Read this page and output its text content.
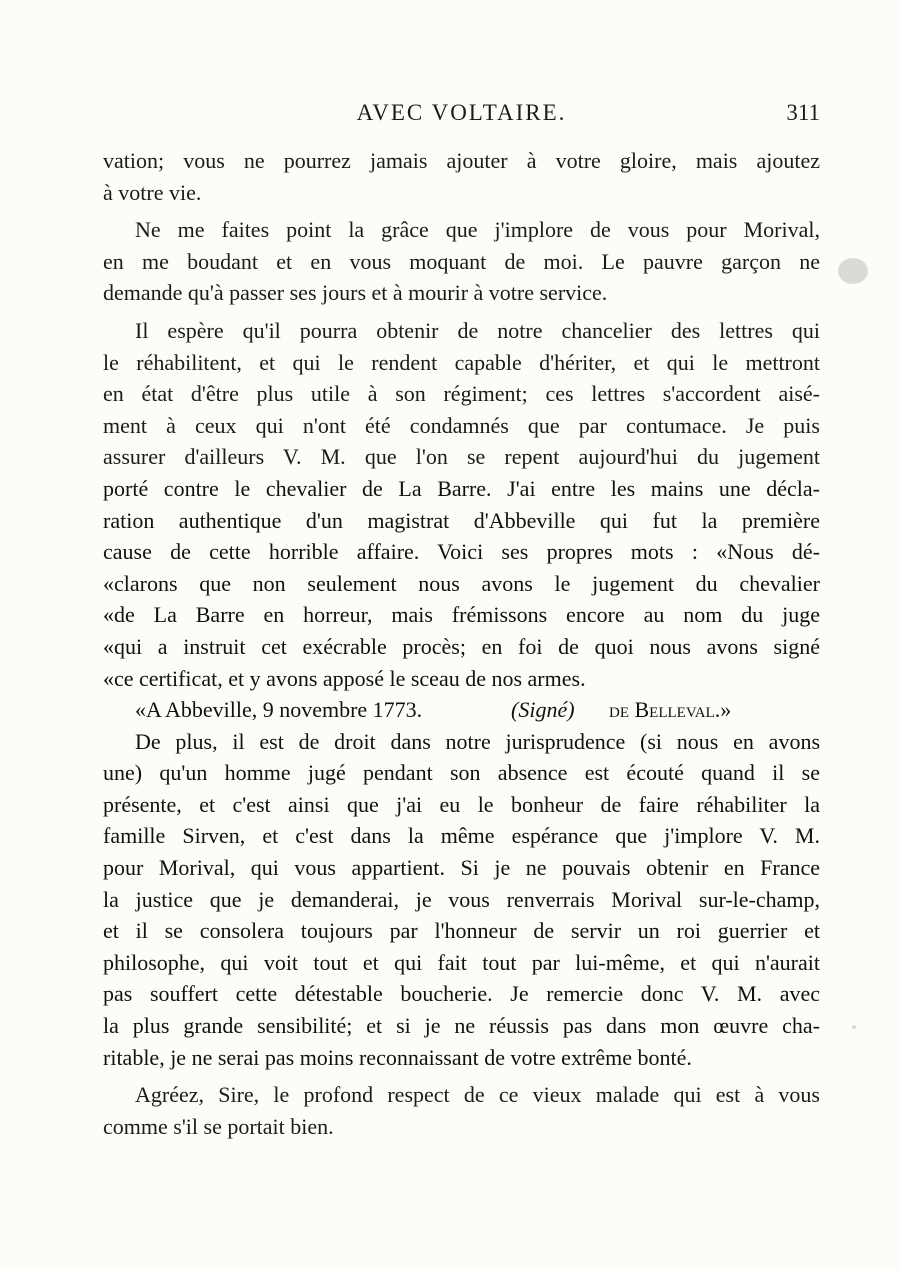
AVEC VOLTAIRE.	311
vation; vous ne pourrez jamais ajouter à votre gloire, mais ajoutez
à votre vie.
Ne me faites point la grâce que j'implore de vous pour Morival,
en me boudant et en vous moquant de moi. Le pauvre garçon ne
demande qu'à passer ses jours et à mourir à votre service.
Il espère qu'il pourra obtenir de notre chancelier des lettres qui
le réhabilitent, et qui le rendent capable d'hériter, et qui le mettront
en état d'être plus utile à son régiment; ces lettres s'accordent aisé-
ment à ceux qui n'ont été condamnés que par contumace. Je puis
assurer d'ailleurs V. M. que l'on se repent aujourd'hui du jugement
porté contre le chevalier de La Barre. J'ai entre les mains une décla-
ration authentique d'un magistrat d'Abbeville qui fut la première
cause de cette horrible affaire. Voici ses propres mots : «Nous dé-
«clarons que non seulement nous avons le jugement du chevalier
«de La Barre en horreur, mais frémissons encore au nom du juge
«qui a instruit cet exécrable procès; en foi de quoi nous avons signé
«ce certificat, et y avons apposé le sceau de nos armes.
«A Abbeville, 9 novembre 1773.	(Signé) de Belleval.»
De plus, il est de droit dans notre jurisprudence (si nous en avons
une) qu'un homme jugé pendant son absence est écouté quand il se
présente, et c'est ainsi que j'ai eu le bonheur de faire réhabiliter la
famille Sirven, et c'est dans la même espérance que j'implore V. M.
pour Morival, qui vous appartient. Si je ne pouvais obtenir en France
la justice que je demanderai, je vous renverrais Morival sur-le-champ,
et il se consolera toujours par l'honneur de servir un roi guerrier et
philosophe, qui voit tout et qui fait tout par lui-même, et qui n'aurait
pas souffert cette détestable boucherie. Je remercie donc V. M. avec
la plus grande sensibilité; et si je ne réussis pas dans mon œuvre cha-
ritable, je ne serai pas moins reconnaissant de votre extrême bonté.
Agréez, Sire, le profond respect de ce vieux malade qui est à vous
comme s'il se portait bien.
